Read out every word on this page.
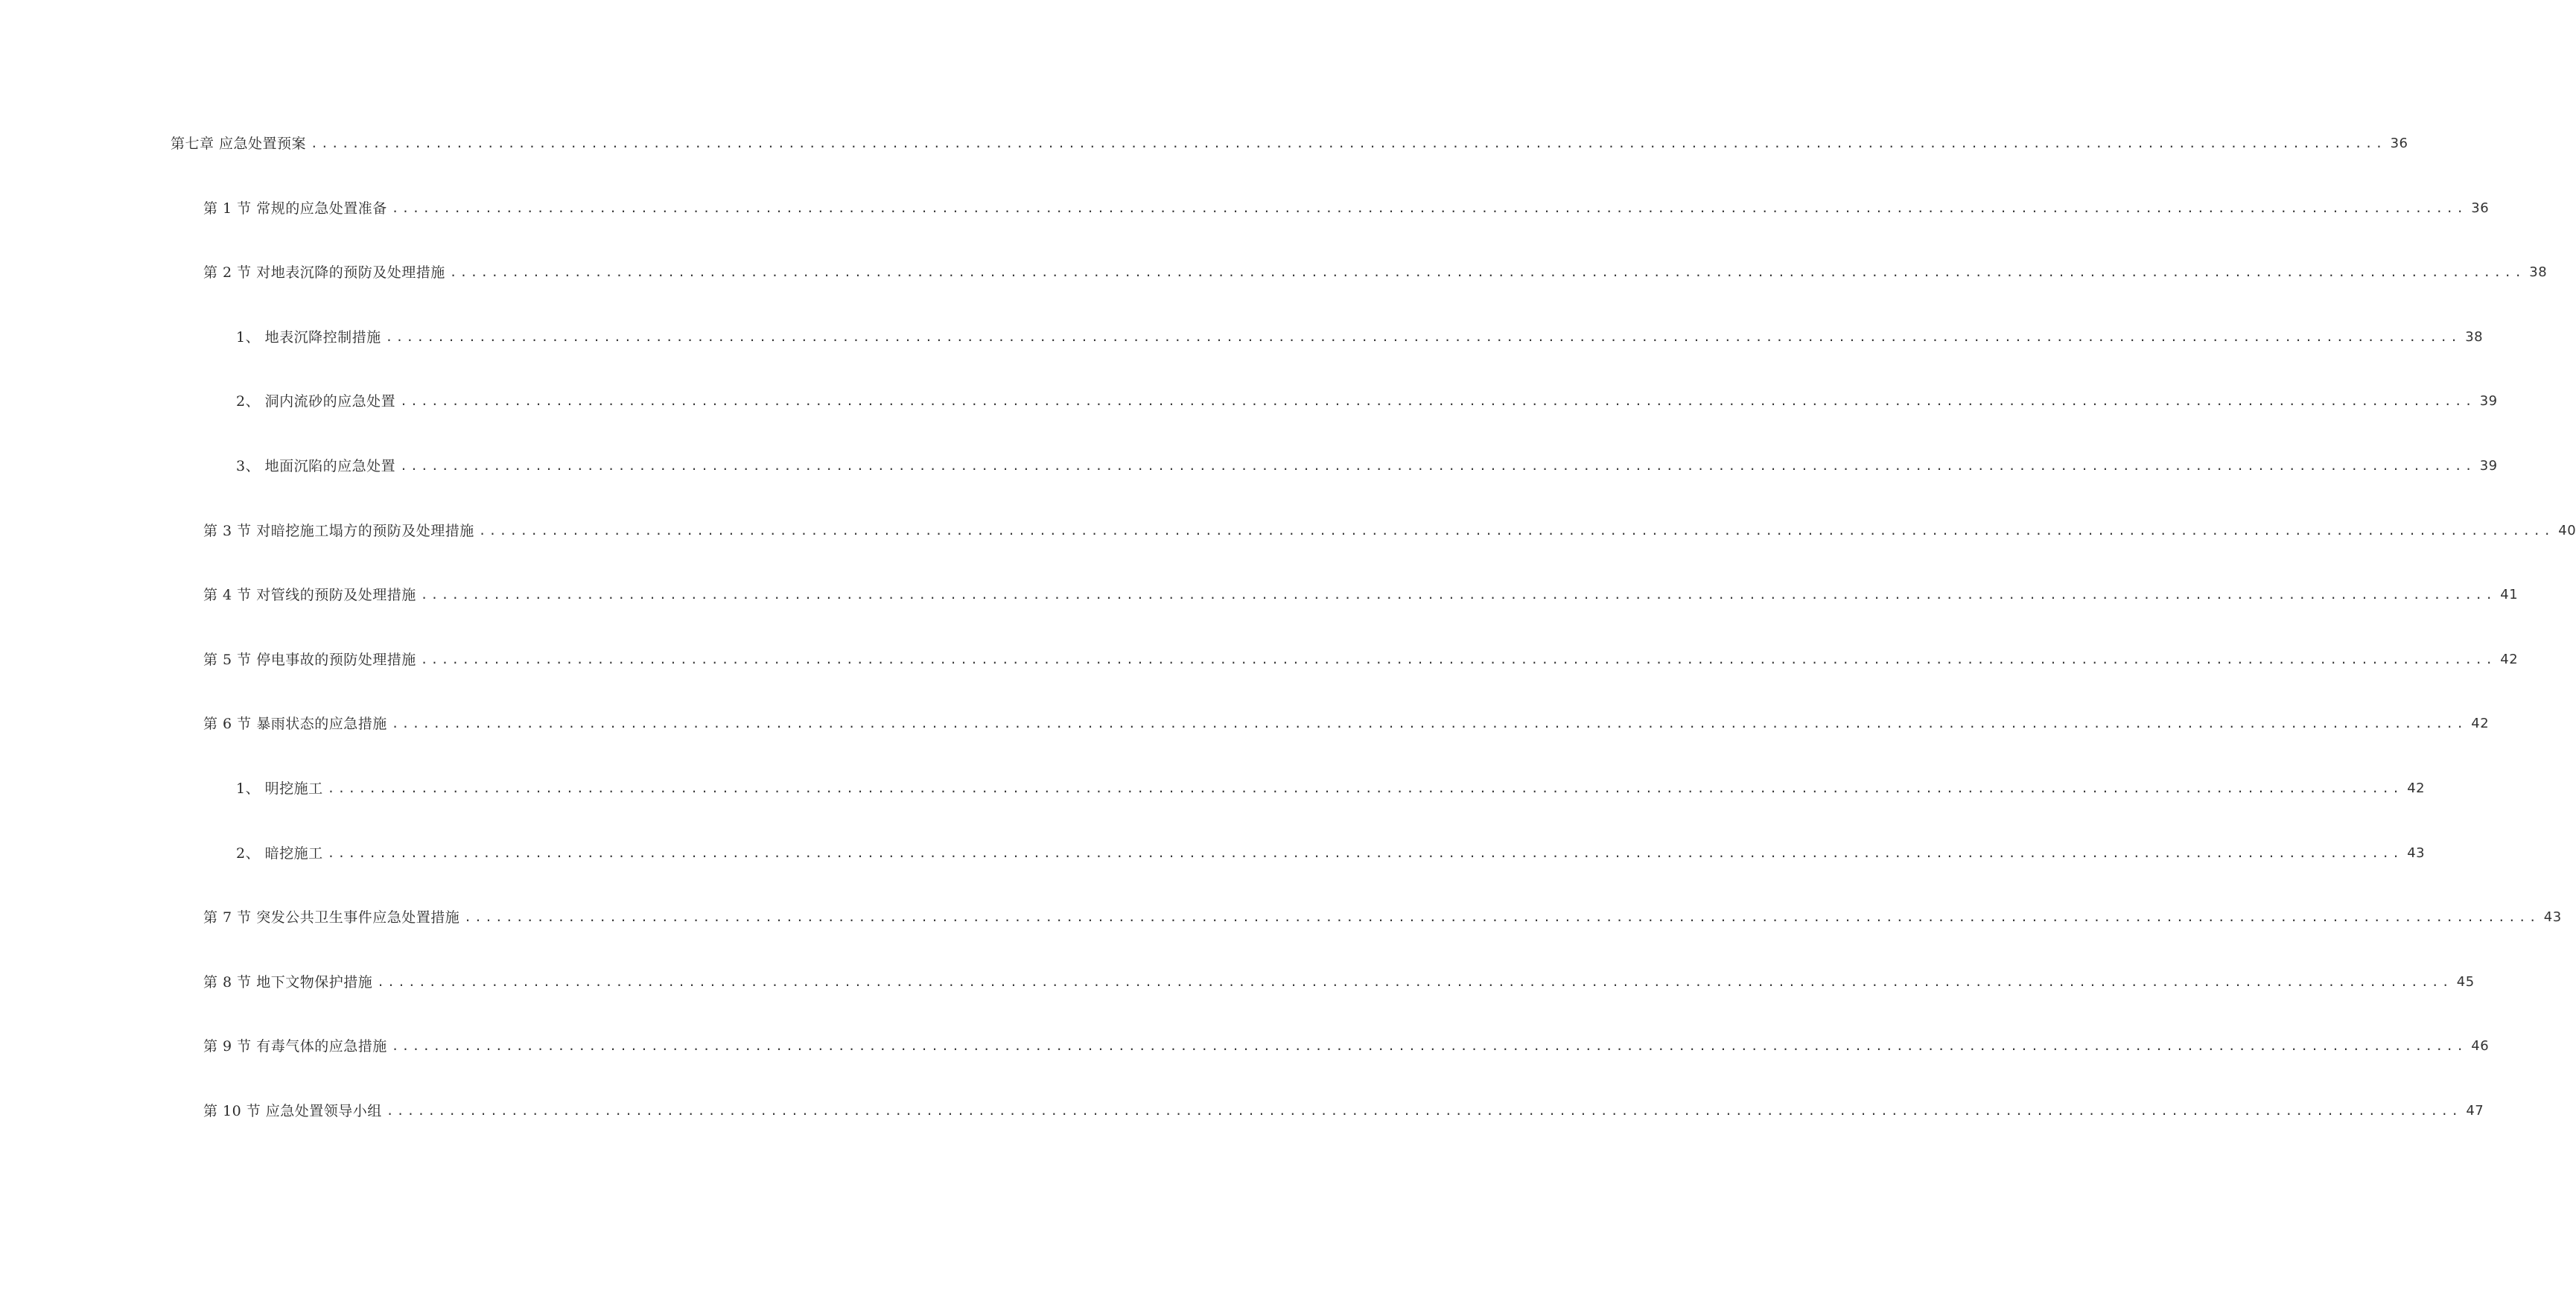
第七章 应急处置预案 ........................................................................................................................................................................................................ 36
第 1 节 常规的应急处置准备 ........................................................................................................................................................................................................ 36
第 2 节 对地表沉降的预防及处理措施 ........................................................................................................................................................................................................ 38
1、 地表沉降控制措施 ........................................................................................................................................................................................................ 38
2、 洞内流砂的应急处置 ........................................................................................................................................................................................................ 39
3、 地面沉陷的应急处置 ........................................................................................................................................................................................................ 39
第 3 节 对暗挖施工塌方的预防及处理措施 ........................................................................................................................................................................................................ 40
第 4 节 对管线的预防及处理措施 ........................................................................................................................................................................................................ 41
第 5 节 停电事故的预防处理措施 ........................................................................................................................................................................................................ 42
第 6 节 暴雨状态的应急措施 ........................................................................................................................................................................................................ 42
1、 明挖施工 ........................................................................................................................................................................................................ 42
2、 暗挖施工 ........................................................................................................................................................................................................ 43
第 7 节 突发公共卫生事件应急处置措施 ........................................................................................................................................................................................................ 43
第 8 节 地下文物保护措施 ........................................................................................................................................................................................................ 45
第 9 节 有毒气体的应急措施 ........................................................................................................................................................................................................ 46
第 10 节 应急处置领导小组 ........................................................................................................................................................................................................ 47
